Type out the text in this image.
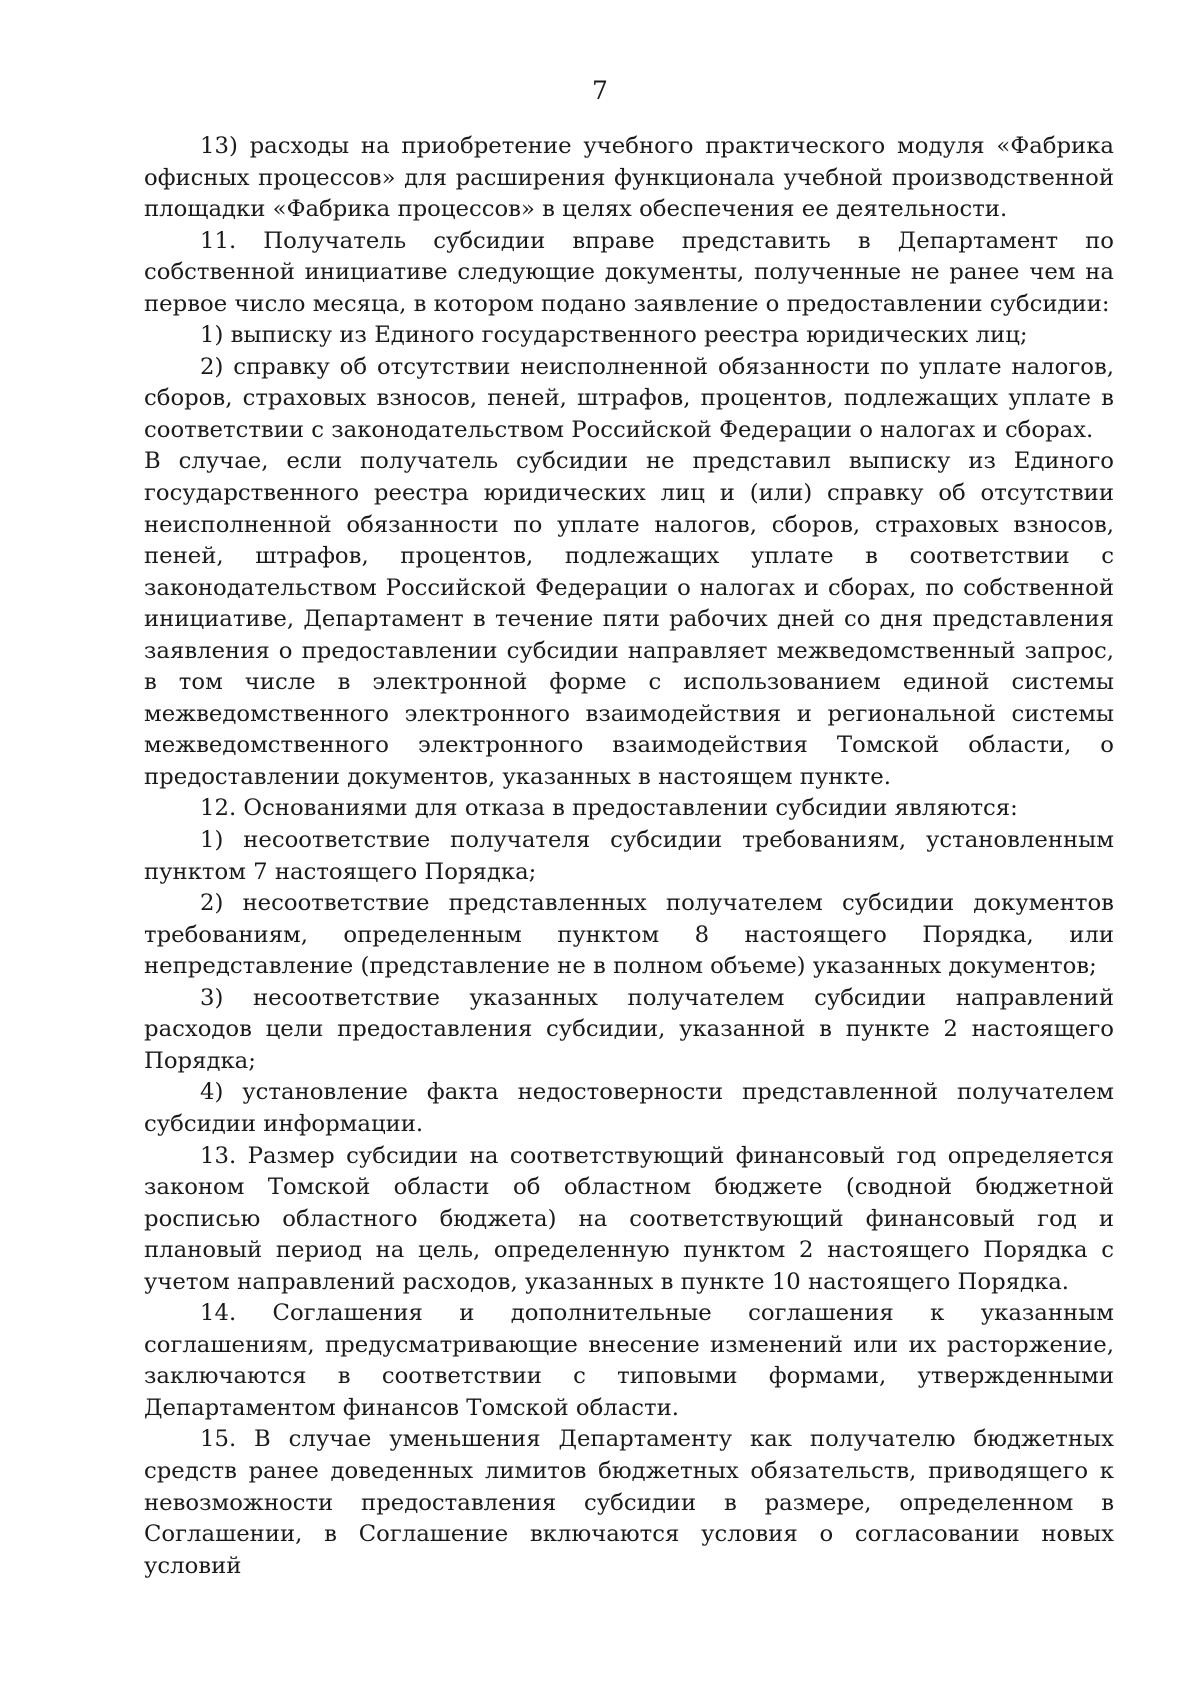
7

13) расходы на приобретение учебного практического модуля «Фабрика офисных процессов» для расширения функционала учебной производственной площадки «Фабрика процессов» в целях обеспечения ее деятельности.

11. Получатель субсидии вправе представить в Департамент по собственной инициативе следующие документы, полученные не ранее чем на первое число месяца, в котором подано заявление о предоставлении субсидии:

1) выписку из Единого государственного реестра юридических лиц;

2) справку об отсутствии неисполненной обязанности по уплате налогов, сборов, страховых взносов, пеней, штрафов, процентов, подлежащих уплате в соответствии с законодательством Российской Федерации о налогах и сборах.

В случае, если получатель субсидии не представил выписку из Единого государственного реестра юридических лиц и (или) справку об отсутствии неисполненной обязанности по уплате налогов, сборов, страховых взносов, пеней, штрафов, процентов, подлежащих уплате в соответствии с законодательством Российской Федерации о налогах и сборах, по собственной инициативе, Департамент в течение пяти рабочих дней со дня представления заявления о предоставлении субсидии направляет межведомственный запрос, в том числе в электронной форме с использованием единой системы межведомственного электронного взаимодействия и региональной системы межведомственного электронного взаимодействия Томской области, о предоставлении документов, указанных в настоящем пункте.

12. Основаниями для отказа в предоставлении субсидии являются:

1) несоответствие получателя субсидии требованиям, установленным пунктом 7 настоящего Порядка;

2) несоответствие представленных получателем субсидии документов требованиям, определенным пунктом 8 настоящего Порядка, или непредставление (представление не в полном объеме) указанных документов;

3) несоответствие указанных получателем субсидии направлений расходов цели предоставления субсидии, указанной в пункте 2 настоящего Порядка;

4) установление факта недостоверности представленной получателем субсидии информации.

13. Размер субсидии на соответствующий финансовый год определяется законом Томской области об областном бюджете (сводной бюджетной росписью областного бюджета) на соответствующий финансовый год и плановый период на цель, определенную пунктом 2 настоящего Порядка с учетом направлений расходов, указанных в пункте 10 настоящего Порядка.

14. Соглашения и дополнительные соглашения к указанным соглашениям, предусматривающие внесение изменений или их расторжение, заключаются в соответствии с типовыми формами, утвержденными Департаментом финансов Томской области.

15. В случае уменьшения Департаменту как получателю бюджетных средств ранее доведенных лимитов бюджетных обязательств, приводящего к невозможности предоставления субсидии в размере, определенном в Соглашении, в Соглашение включаются условия о согласовании новых условий
